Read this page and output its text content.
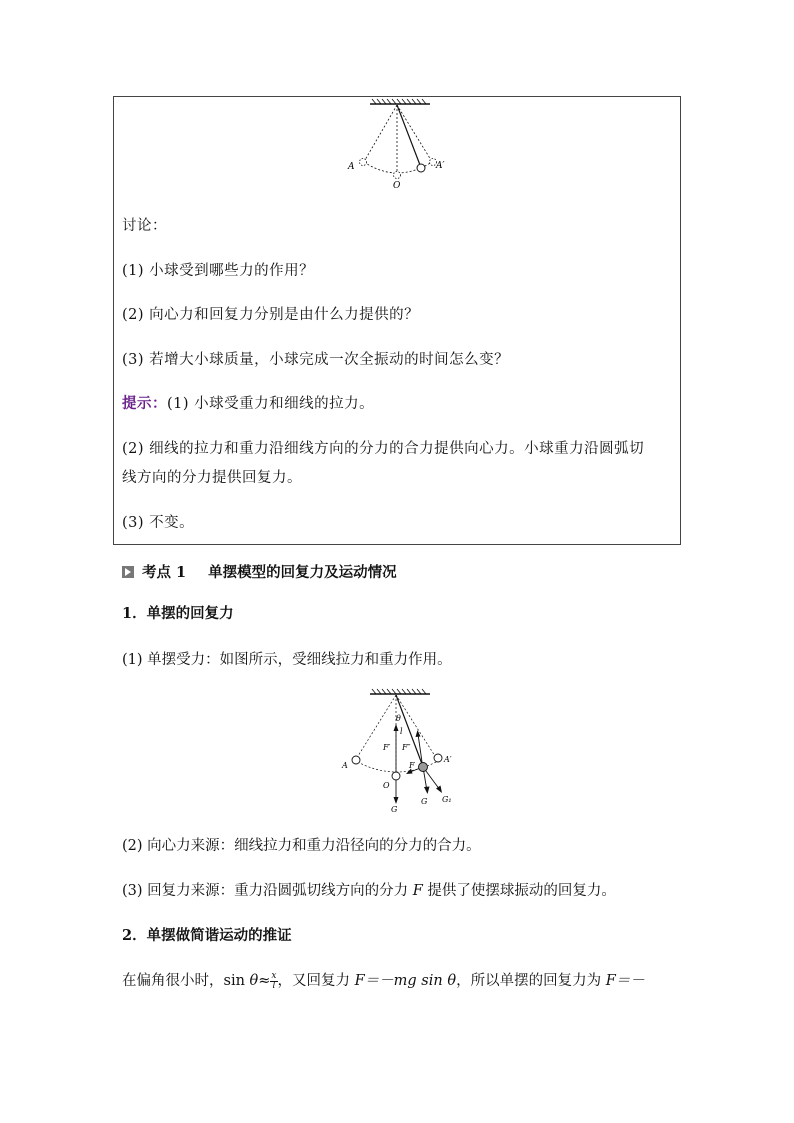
A
O
A′
讨论：
(1) 小球受到哪些力的作用？
(2) 向心力和回复力分别是由什么力提供的？
(3) 若增大小球质量，小球完成一次全振动的时间怎么变？
提示：(1) 小球受重力和细线的拉力。
(2) 细线的拉力和重力沿细线方向的分力的合力提供向心力。小球重力沿圆弧切
线方向的分力提供回复力。
(3) 不变。
考点 1 单摆模型的回复力及运动情况
1．单摆的回复力
(1) 单摆受力：如图所示，受细线拉力和重力作用。
θ
l
F′ F″
A
A′
O
F
G
G G₁
(2) 向心力来源：细线拉力和重力沿径向的分力的合力。
(3) 回复力来源：重力沿圆弧切线方向的分力 F 提供了使摆球振动的回复力。
2．单摆做简谐运动的推证
在偏角很小时，$\sin \theta\approx \frac{x}{l}$ ，又回复力 F＝－mg sin θ，所以单摆的回复力为 F＝－
